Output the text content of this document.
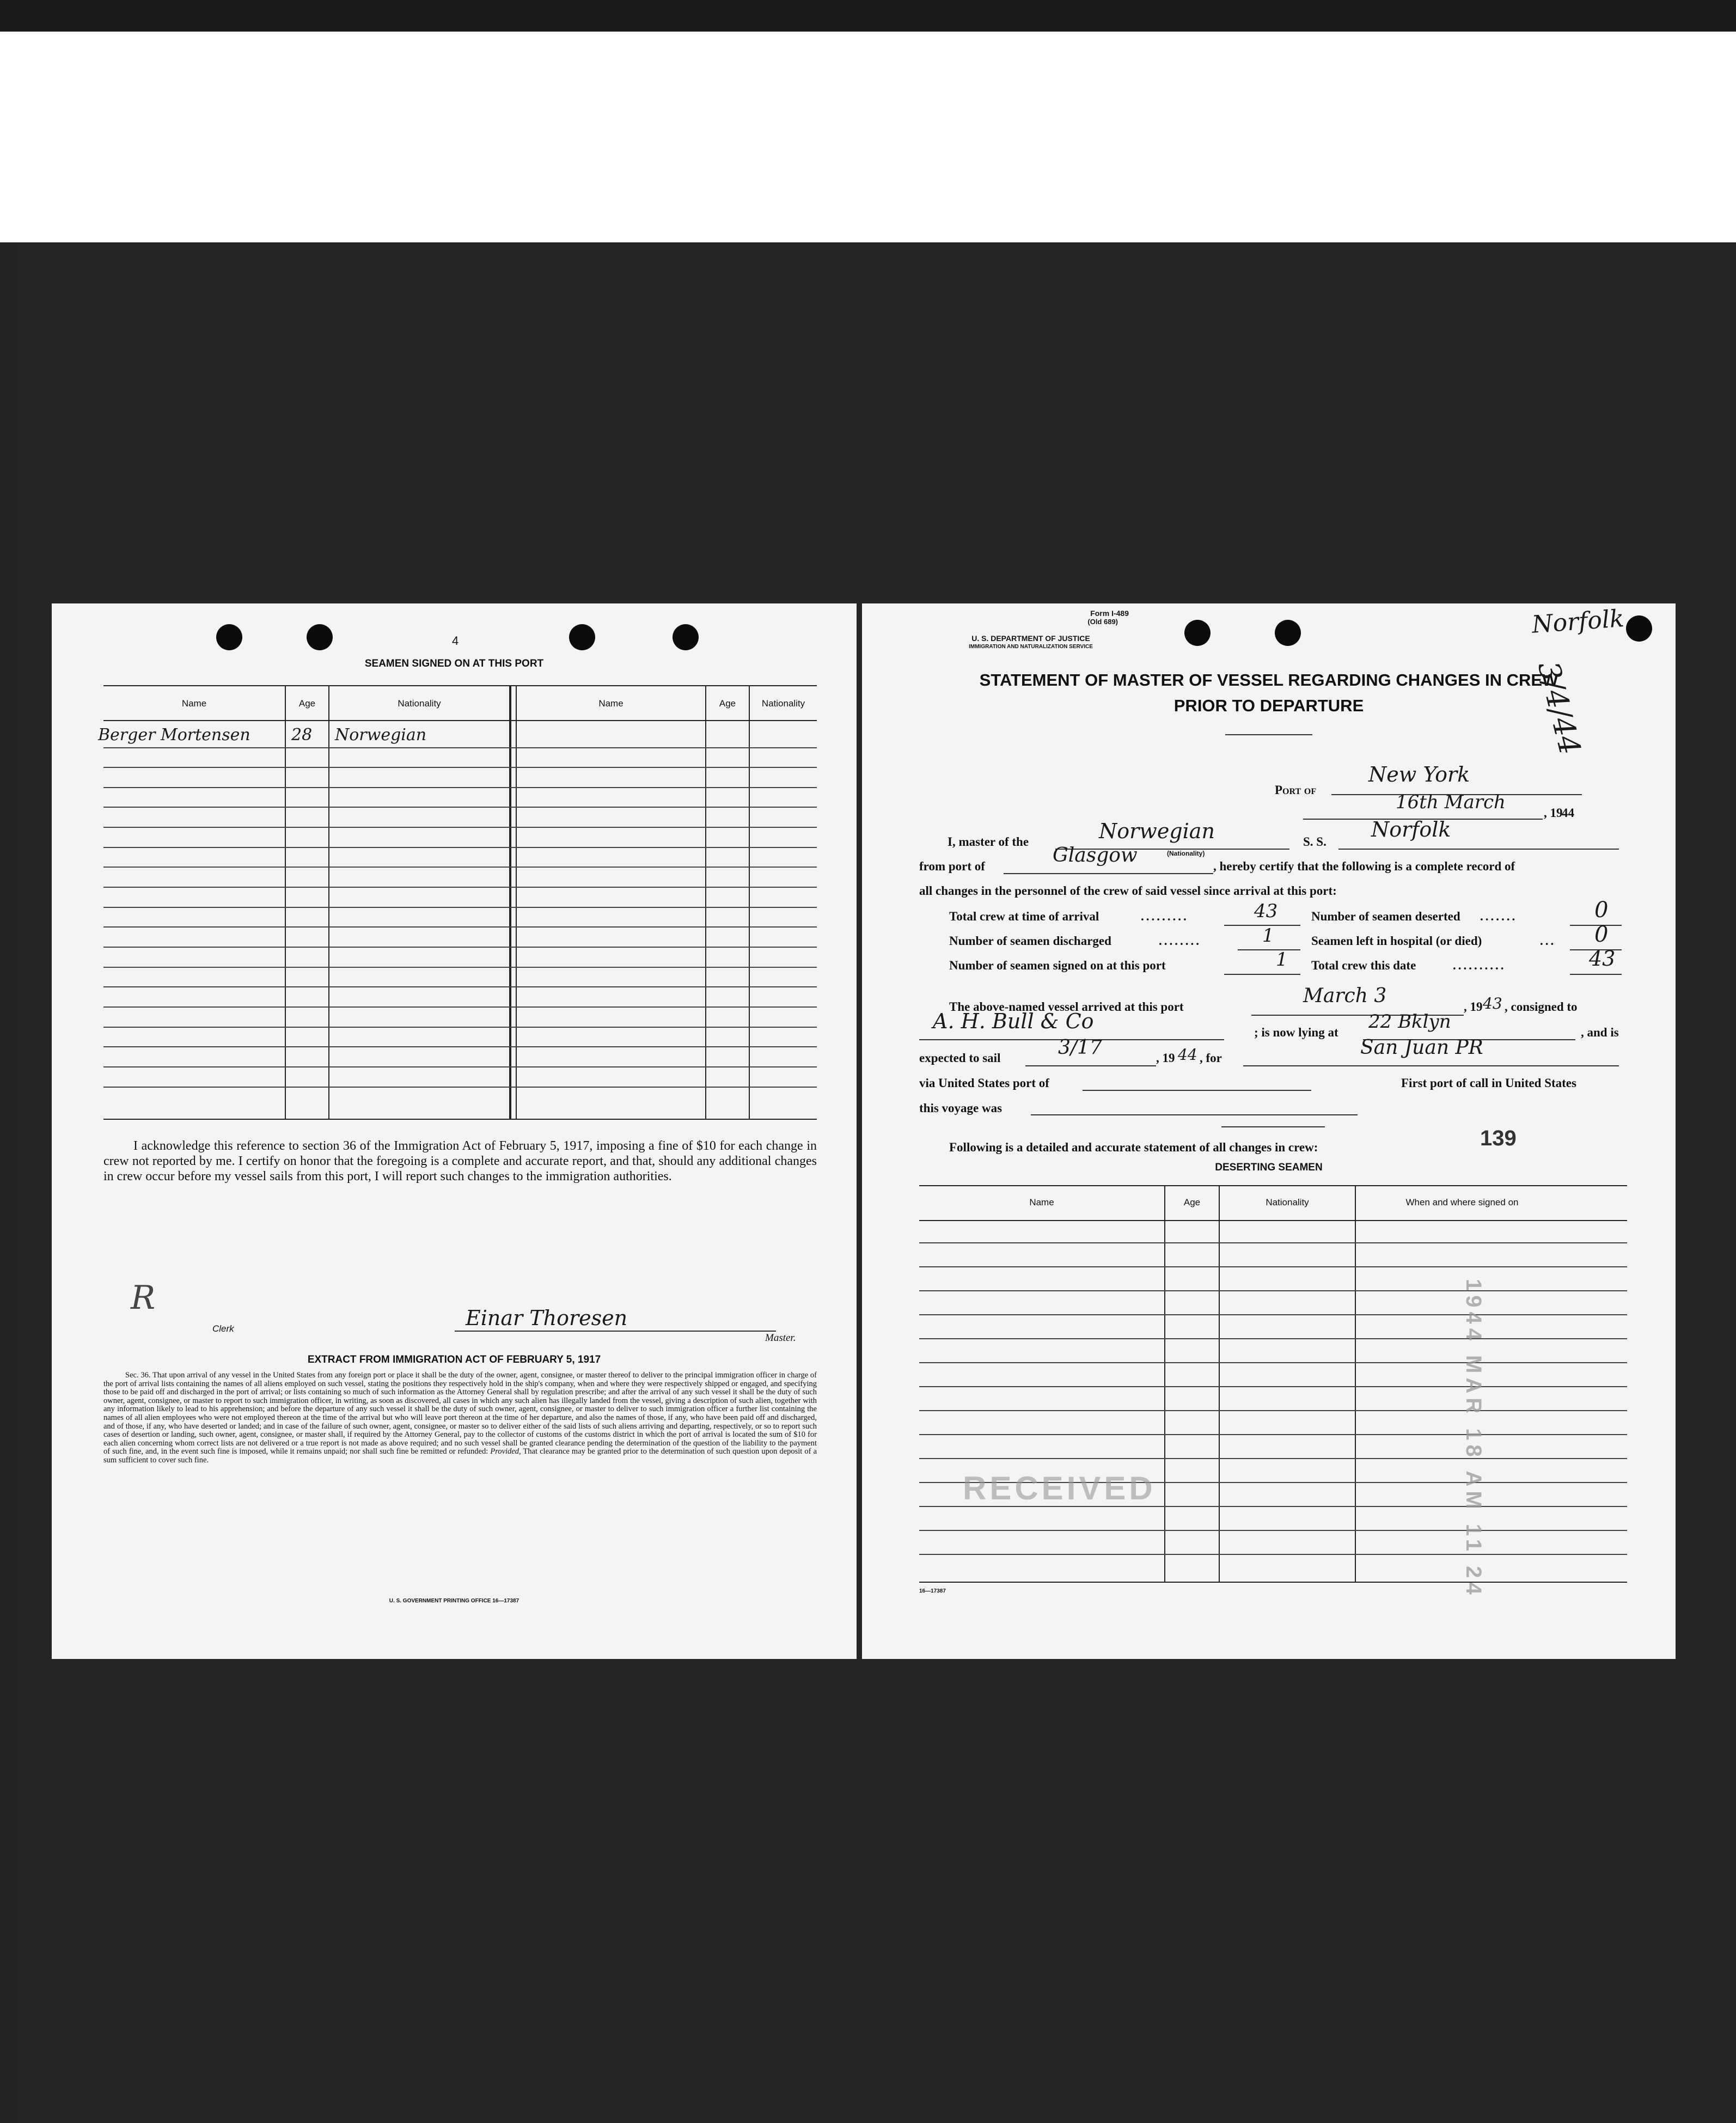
4
SEAMEN SIGNED ON AT THIS PORT
Name	Age	Nationality	Name	Age	Nationality
Berger Mortensen	28 Norwegian
I acknowledge this reference to section 36 of the Immigration Act of February 5, 1917, imposing a fine of $10 for each change in crew not reported by me. I certify on honor that the foregoing is a complete and accurate report, and that, should any additional changes in crew occur before my vessel sails from this port, I will report such changes to the immigration authorities.
R
Clerk	Einar Thoresen
Master.
EXTRACT FROM IMMIGRATION ACT OF FEBRUARY 5, 1917
Sec. 36. That upon arrival of any vessel in the United States from any foreign port or place it shall be the duty of the owner, agent, consignee, or master thereof to deliver to the principal immigration officer in charge of the port of arrival lists containing the names of all aliens employed on such vessel, stating the positions they respectively hold in the ship's company, when and where they were respectively shipped or engaged, and specifying those to be paid off and discharged in the port of arrival; or lists containing so much of such information as the Attorney General shall by regulation prescribe; and after the arrival of any such vessel it shall be the duty of such owner, agent, consignee, or master to report to such immigration officer, in writing, as soon as discovered, all cases in which any such alien has illegally landed from the vessel, giving a description of such alien, together with any information likely to lead to his apprehension; and before the departure of any such vessel it shall be the duty of such owner, agent, consignee, or master to deliver to such immigration officer a further list containing the names of all alien employees who were not employed thereon at the time of the arrival but who will leave port thereon at the time of her departure, and also the names of those, if any, who have been paid off and discharged, and of those, if any, who have deserted or landed; and in case of the failure of such owner, agent, consignee, or master so to deliver either of the said lists of such aliens arriving and departing, respectively, or so to report such cases of desertion or landing, such owner, agent, consignee, or master shall, if required by the Attorney General, pay to the collector of customs of the customs district in which the port of arrival is located the sum of $10 for each alien concerning whom correct lists are not delivered or a true report is not made as above required; and no such vessel shall be granted clearance pending the determination of the question of the liability to the payment of such fine, and, in the event such fine is imposed, while it remains unpaid; nor shall such fine be remitted or refunded: Provided, That clearance may be granted prior to the determination of such question upon deposit of a sum sufficient to cover such fine.
U. S. GOVERNMENT PRINTING OFFICE 16—17387
Form I-489
(Old 689)
U. S. DEPARTMENT OF JUSTICE
IMMIGRATION AND NATURALIZATION SERVICE
STATEMENT OF MASTER OF VESSEL REGARDING CHANGES IN CREW
PRIOR TO DEPARTURE
Norfolk
3/4/44
Port of
New York
16th March	, 19
44
I, master of the	Norwegian
(Nationality)
S. S.
Norfolk
from port of	Glasgow	, hereby certify that the following is a complete record of
all changes in the personnel of the crew of said vessel since arrival at this port:
Total crew at time of arrival	.........	43	Number of seamen deserted .......	0
Number of seamen discharged	........	1	Seamen left in hospital (or died)	... 0
Number of seamen signed on at this port	1 Total crew this date	..........	43
The above-named vessel arrived at this port	March 3	, 19 43 , consigned to
A. H. Bull & Co	; is now lying at 22 Bklyn	, and is
expected to sail	3/17	, 19 44 , for	San Juan PR
via United States port of	First port of call in United States
this voyage was
Following is a detailed and accurate statement of all changes in crew:	139
DESERTING SEAMEN
Name	Age	Nationality	When and where signed on
RECEIVED	1944 MAR 18 AM 11 24
16—17387
